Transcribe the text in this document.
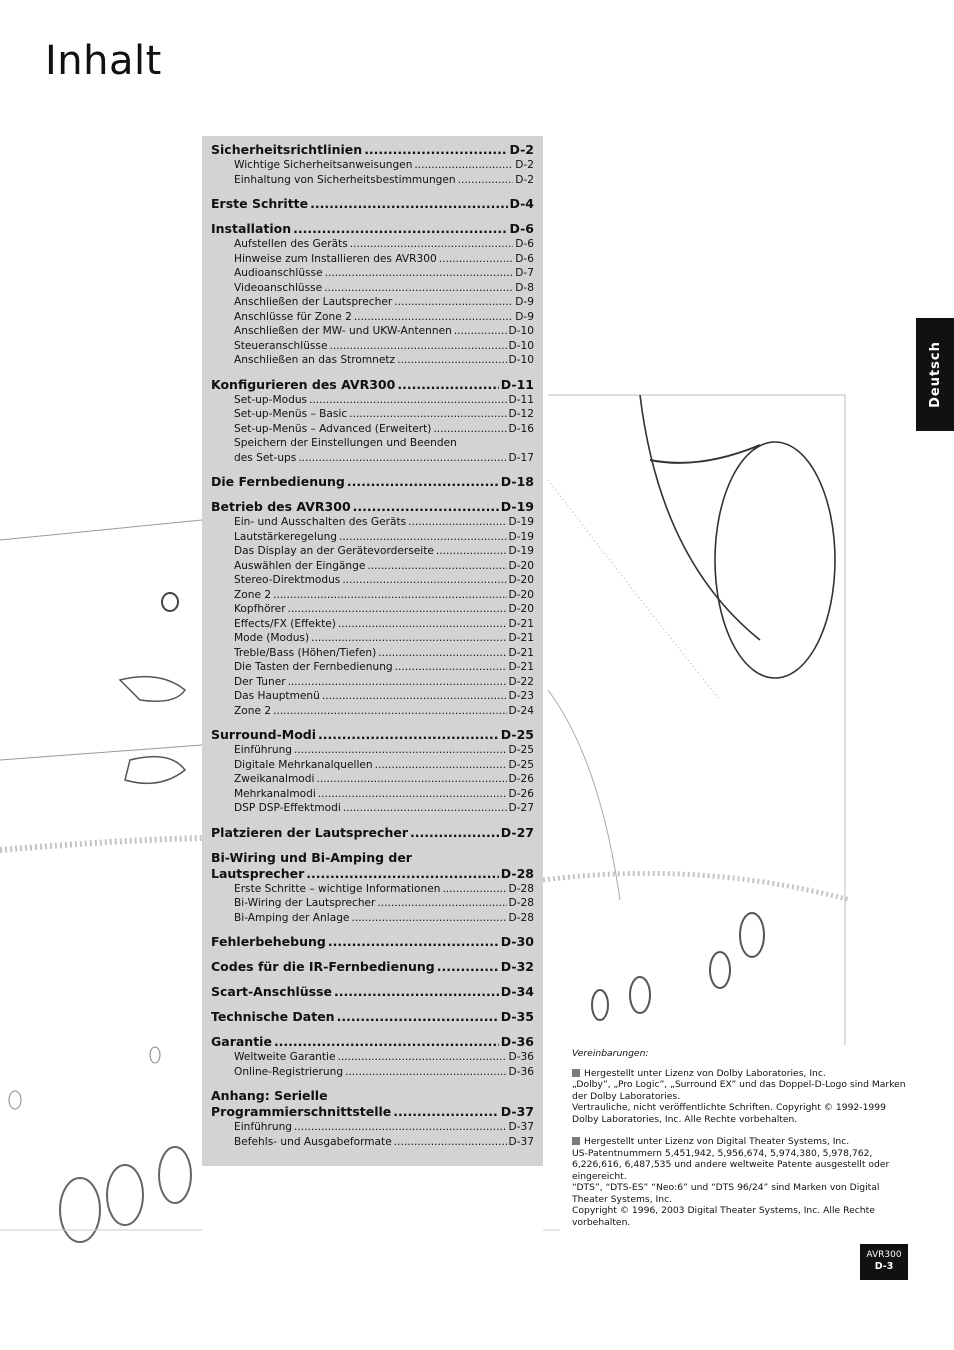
Inhalt
Sicherheitsrichtlinien .....	D-2
Wichtige Sicherheitsanweisungen .....	D-2
Einhaltung von Sicherheitsbestimmungen .....	D-2
Erste Schritte .....	D-4
Installation .....	D-6
Aufstellen des Geräts .....	D-6
Hinweise zum Installieren des AVR300 .....	D-6
Audioanschlüsse .....	D-7
Videoanschlüsse .....	D-8
Anschließen der Lautsprecher .....	D-9
Anschlüsse für Zone 2 .....	D-9
Anschließen der MW- und UKW-Antennen .....	D-10
Steueranschlüsse .....	D-10
Anschließen an das Stromnetz .....	D-10
Konfigurieren des AVR300 .....	D-11
Set-up-Modus .....	D-11
Set-up-Menüs – Basic .....	D-12
Set-up-Menüs – Advanced (Erweitert) .....	D-16
Speichern der Einstellungen und Beenden
des Set-ups .....	D-17
Die Fernbedienung .....	D-18
Betrieb des AVR300 .....	D-19
Ein- und Ausschalten des Geräts .....	D-19
Lautstärkeregelung .....	D-19
Das Display an der Gerätevorderseite .....	D-19
Auswählen der Eingänge .....	D-20
Stereo-Direktmodus .....	D-20
Zone 2 .....	D-20
Kopfhörer .....	D-20
Effects/FX (Effekte) .....	D-21
Mode (Modus) .....	D-21
Treble/Bass (Höhen/Tiefen) .....	D-21
Die Tasten der Fernbedienung .....	D-21
Der Tuner .....	D-22
Das Hauptmenü .....	D-23
Zone 2 .....	D-24
Surround-Modi .....	D-25
Einführung .....	D-25
Digitale Mehrkanalquellen .....	D-25
Zweikanalmodi .....	D-26
Mehrkanalmodi .....	D-26
DSP DSP-Effektmodi .....	D-27
Platzieren der Lautsprecher .....	D-27
Bi-Wiring und Bi-Amping der
Lautsprecher .....	D-28
Erste Schritte – wichtige Informationen .....	D-28
Bi-Wiring der Lautsprecher .....	D-28
Bi-Amping der Anlage .....	D-28
Fehlerbehebung .....	D-30
Codes für die IR-Fernbedienung .....	D-32
Scart-Anschlüsse .....	D-34
Technische Daten .....	D-35
Garantie .....	D-36
Weltweite Garantie .....	D-36
Online-Registrierung .....	D-36
Anhang: Serielle
Programmierschnittstelle .....	D-37
Einführung .....	D-37
Befehls- und Ausgabeformate .....	D-37
Deutsch
Vereinbarungen:

Hergestellt unter Lizenz von Dolby Laboratories, Inc.
„Dolby”, „Pro Logic”, „Surround EX” und das Doppel-D-Logo sind Marken der Dolby Laboratories.
Vertrauliche, nicht veröffentlichte Schriften. Copyright © 1992-1999 Dolby Laboratories, Inc. Alle Rechte vorbehalten.

Hergestellt unter Lizenz von Digital Theater Systems, Inc.
US-Patentnummern 5,451,942, 5,956,674, 5,974,380, 5,978,762, 6,226,616, 6,487,535 und andere weltweite Patente ausgestellt oder eingereicht.
“DTS”, “DTS-ES” “Neo:6” und “DTS 96/24” sind Marken von Digital Theater Systems, Inc.
Copyright © 1996, 2003 Digital Theater Systems, Inc. Alle Rechte vorbehalten.

AVR300
D-3
